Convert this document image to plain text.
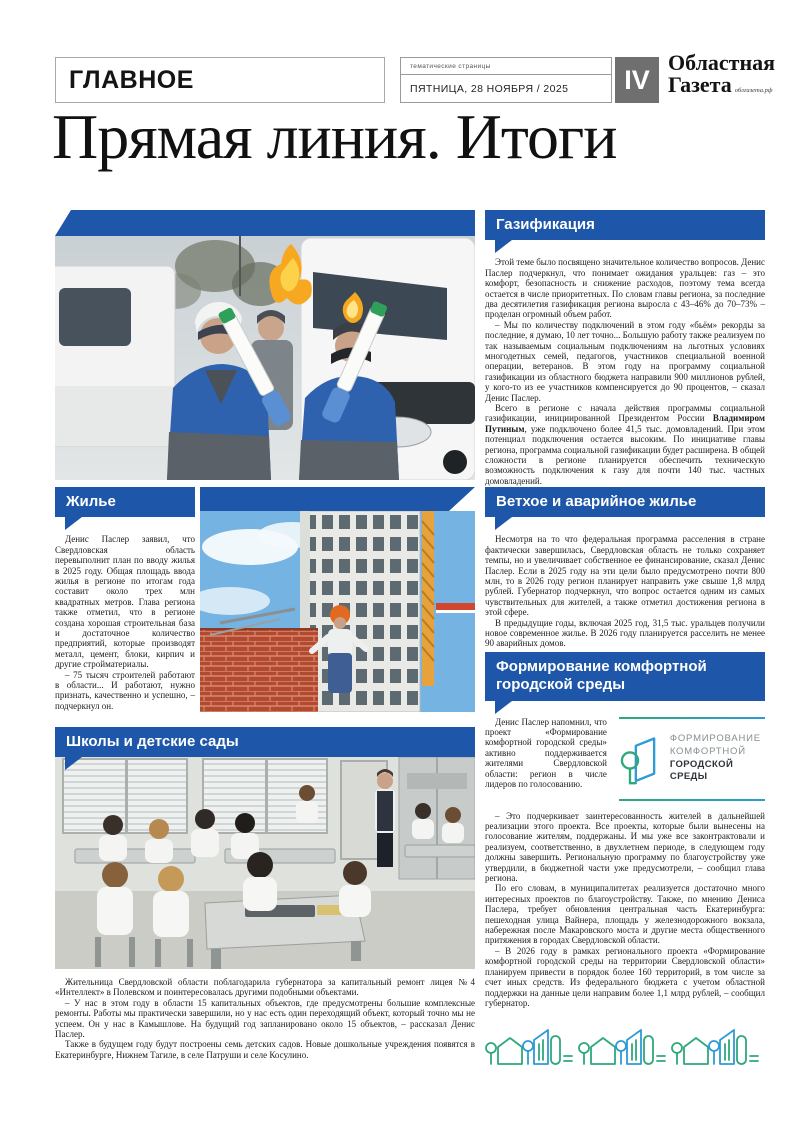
ГЛАВНОЕ	тематические страницы
ПЯТНИЦА, 28 НОЯБРЯ / 2025	IV
Областная
Газета облгазета.рф
Прямая линия. Итоги
Газификация

Этой теме было посвящено значительное количество вопросов. Денис Паслер подчеркнул, что понимает ожидания уральцев: газ – это комфорт, безопасность и снижение расходов, поэтому тема всегда остается в числе приоритетных. По словам главы региона, за последние два десятилетия газификация региона выросла с 43–46% до 70–73% – проделан огромный объем работ.

– Мы по количеству подключений в этом году «бьём» рекорды за последние, я думаю, 10 лет точно... Большую работу также реализуем по так называемым социальным подключениям на льготных условиях многодетных семей, педагогов, участников специальной военной операции, ветеранов. В этом году на программу социальной газификации из областного бюджета направили 900 миллионов рублей, у кого-то из ее участников компенсируется до 90 процентов, – сказал Денис Паслер.

Всего в регионе с начала действия программы социальной газификации, инициированной Президентом России Владимиром Путиным, уже подключено более 41,5 тыс. домовладений. При этом потенциал подключения остается высоким. По инициативе главы региона, программа социальной газификации будет расширена. В общей сложности в регионе планируется обеспечить техническую возможность подключения к газу для почти 140 тыс. частных домовладений.

Жилье

Денис Паслер заявил, что Свердловская область перевыполнит план по вводу жилья в 2025 году. Общая площадь ввода жилья в регионе по итогам года составит около трех млн квадратных метров. Глава региона также отметил, что в регионе создана хорошая строительная база и достаточное количество предприятий, которые производят металл, цемент, блоки, кирпич и другие стройматериалы.

– 75 тысяч строителей работают в области... И работают, нужно признать, качественно и успешно, – подчеркнул он.

Ветхое и аварийное жилье

Несмотря на то что федеральная программа расселения в стране фактически завершилась, Свердловская область не только сохраняет темпы, но и увеличивает собственное ее финансирование, сказал Денис Паслер. Если в 2025 году на эти цели было предусмотрено почти 800 млн, то в 2026 году регион планирует направить уже свыше 1,8 млрд рублей. Губернатор подчеркнул, что вопрос остается одним из самых чувствительных для жителей, а также отметил достижения региона в этой сфере.

В предыдущие годы, включая 2025 год, 31,5 тыс. уральцев получили новое современное жилье. В 2026 году планируется расселить не менее 90 аварийных домов.

Формирование комфортной
городской среды

Денис Паслер напомнил, что проект «Формирование комфортной городской среды» активно поддерживается жителями Свердловской области: регион в числе лидеров по голосованию.

ФОРМИРОВАНИЕ
КОМФОРТНОЙ
ГОРОДСКОЙ СРЕДЫ

– Это подчеркивает заинтересованность жителей в дальнейшей реализации этого проекта. Все проекты, которые были вынесены на голосование жителям, поддержаны. И мы уже все законтрактовали и реализуем, соответственно, в двухлетнем периоде, в следующем году должны завершить. Региональную программу по благоустройству уже утвердили, в бюджетной части уже предусмотрели, – сообщил глава региона.

По его словам, в муниципалитетах реализуется достаточно много интересных проектов по благоустройству. Также, по мнению Дениса Паслера, требует обновления центральная часть Екатеринбурга: пешеходная улица Вайнера, площадь у железнодорожного вокзала, набережная после Макаровского моста и другие места общественного притяжения в городах Свердловской области.

– В 2026 году в рамках регионального проекта «Формирование комфортной городской среды на территории Свердловской области» планируем привести в порядок более 160 территорий, в том числе за счет иных средств. Из федерального бюджета с учетом областной поддержки на данные цели направим более 1,1 млрд рублей, – сообщил губернатор.

Школы и детские сады

Жительница Свердловской области поблагодарила губернатора за капитальный ремонт лицея №4 «Интеллект» в Полевском и поинтересовалась другими подобными объектами.

– У нас в этом году в области 15 капитальных объектов, где предусмотрены большие комплексные ремонты. Работы мы практически завершили, но у нас есть один переходящий объект, который точно мы не успеем. Он у нас в Камышлове. На будущий год запланировано около 15 объектов, – рассказал Денис Паслер.

Также в будущем году будут построены семь детских садов. Новые дошкольные учреждения появятся в Екатеринбурге, Нижнем Тагиле, в селе Патруши и селе Косулино.
